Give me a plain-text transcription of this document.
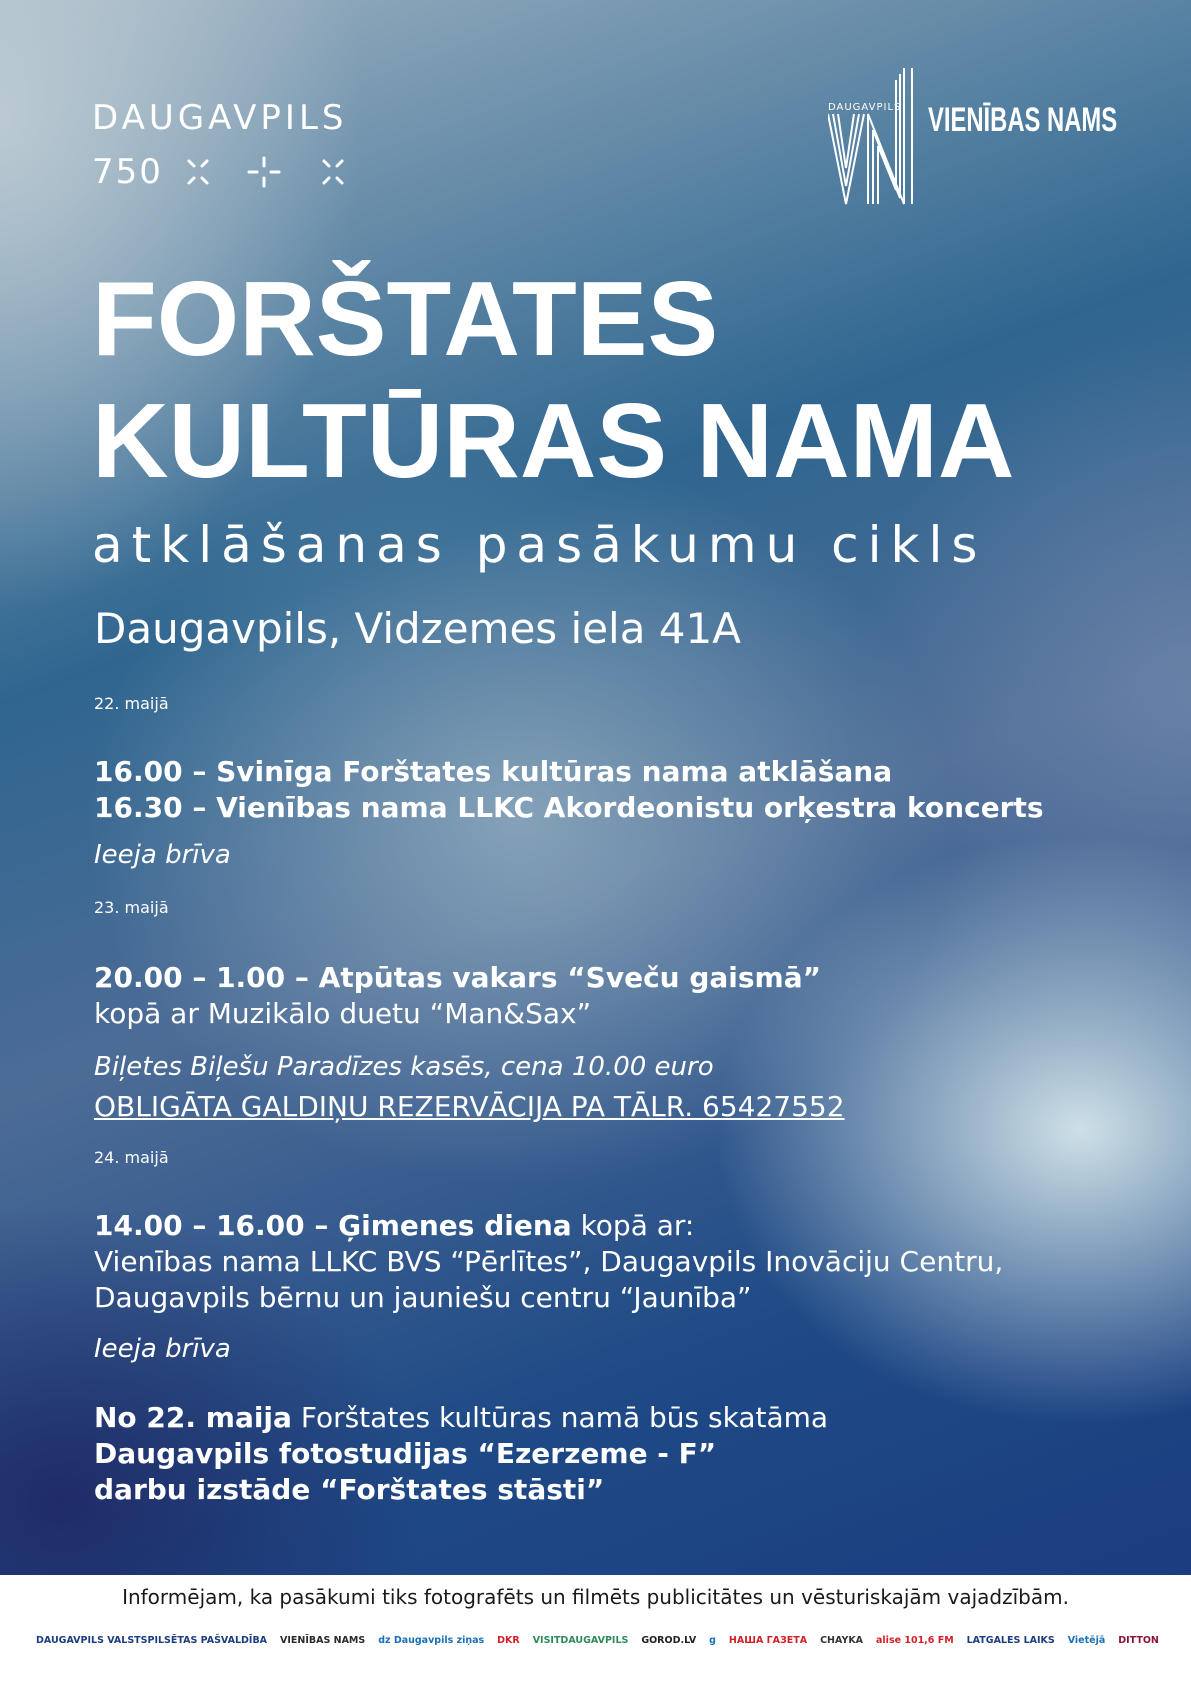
DAUGAVPILS
750
DAUGAVPILS VIENĪBAS NAMS
FORŠTATES
KULTŪRAS NAMA
atklāšanas pasākumu cikls
Daugavpils, Vidzemes iela 41A
22. maijā
16.00 – Svinīga Forštates kultūras nama atklāšana
16.30 – Vienības nama LLKC Akordeonistu orķestra koncerts
Ieeja brīva
23. maijā
20.00 – 1.00 – Atpūtas vakars “Sveču gaismā”
kopā ar Muzikālo duetu “Man&Sax”
Biļetes Biļešu Paradīzes kasēs, cena 10.00 euro
OBLIGĀTA GALDIŅU REZERVĀCIJA PA TĀLR. 65427552
24. maijā
14.00 – 16.00 – Ģimenes diena kopā ar:
Vienības nama LLKC BVS “Pērlītes”, Daugavpils Inovāciju Centru,
Daugavpils bērnu un jauniešu centru “Jaunība”
Ieeja brīva
No 22. maija Forštates kultūras namā būs skatāma
Daugavpils fotostudijas “Ezerzeme - F”
darbu izstāde “Forštates stāsti”
Informējam, ka pasākumi tiks fotografēts un filmēts publicitātes un vēsturiskajām vajadzībām.
DAUGAVPILS VALSTSPILSĒTAS PAŠVALDĪBA	VIENĪBAS NAMS	dz Daugavpils ziņas	DKR	VISITDAUGAVPILS	GOROD.LV	g	НАША ГАЗЕТА	CHAYKA	alise 101,6 FM	LATGALES LAIKS	Vietējā	DITTON
